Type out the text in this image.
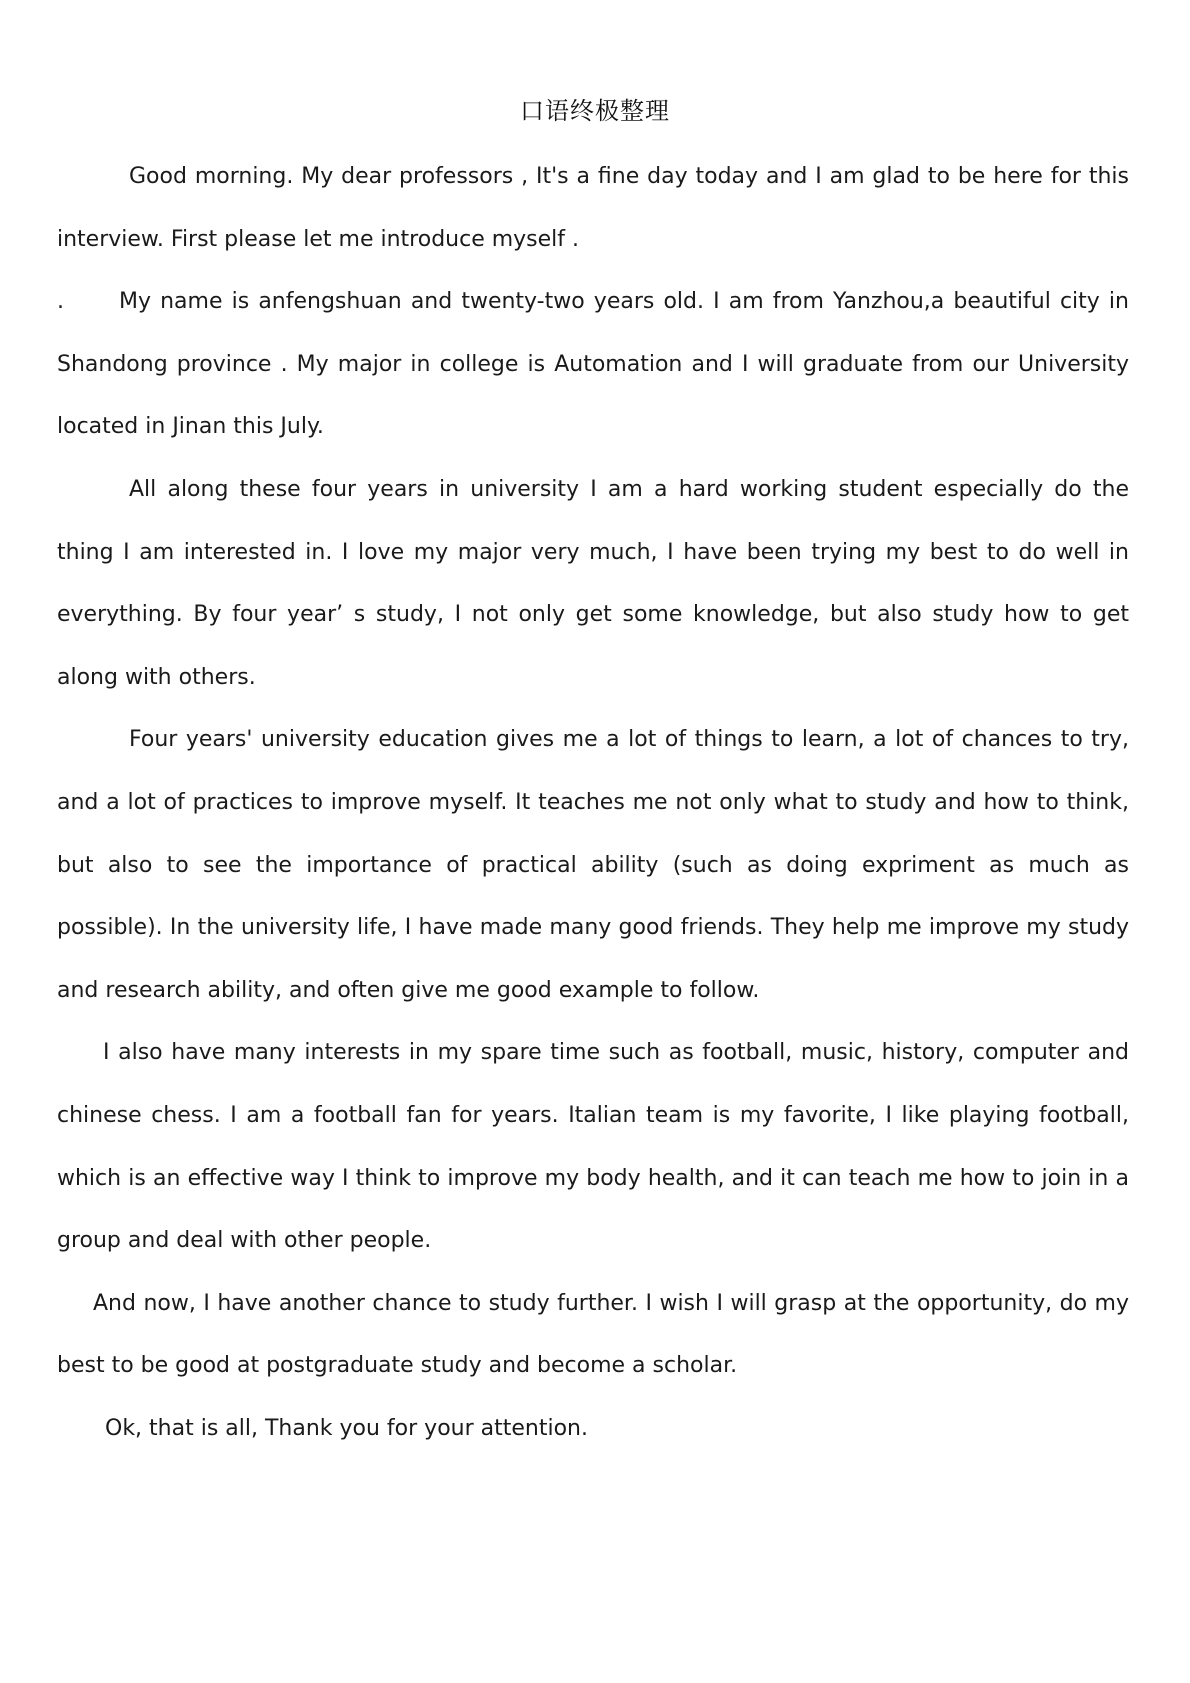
口语终极整理

Good morning. My dear professors , It's a fine day today and I am glad to be here for this interview. First please let me introduce myself .

.	My name is anfengshuan and twenty-two years old. I am from Yanzhou,a beautiful city in Shandong province . My major in college is Automation and I will graduate from our University located in Jinan this July.

All along these four years in university I am a hard working student especially do the thing I am interested in. I love my major very much, I have been trying my best to do well in everything. By four year’ s study, I not only get some knowledge, but also study how to get along with others.

Four years' university education gives me a lot of things to learn, a lot of chances to try, and a lot of practices to improve myself. It teaches me not only what to study and how to think, but also to see the importance of practical ability (such as doing expriment as much as possible). In the university life, I have made many good friends. They help me improve my study and research ability, and often give me good example to follow.

I also have many interests in my spare time such as football, music, history, computer and chinese chess. I am a football fan for years. Italian team is my favorite, I like playing football, which is an effective way I think to improve my body health, and it can teach me how to join in a group and deal with other people.

And now, I have another chance to study further. I wish I will grasp at the opportunity, do my best to be good at postgraduate study and become a scholar.

Ok, that is all, Thank you for your attention.
